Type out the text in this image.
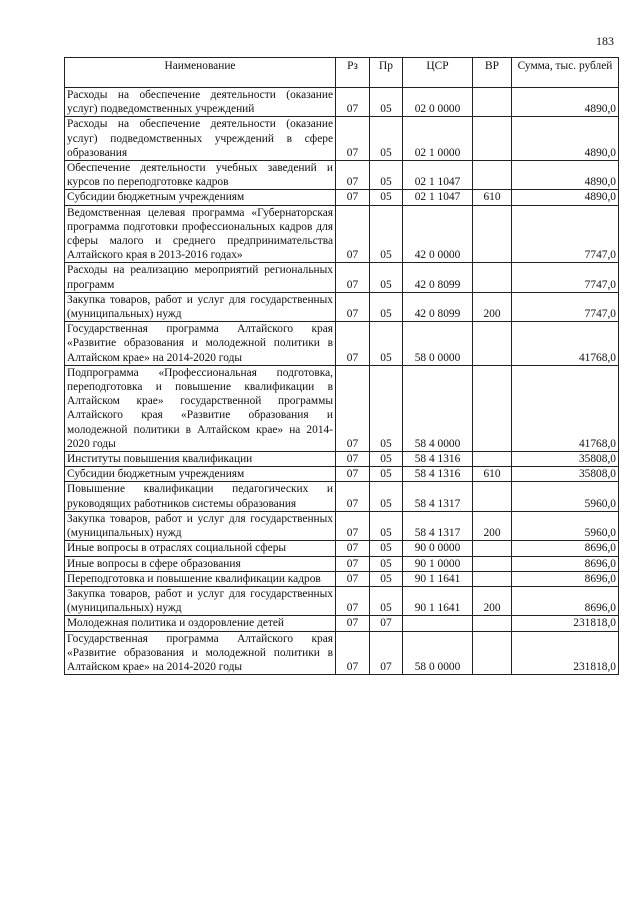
183
Наименование	Рз	Пр	ЦСР	ВР	Сумма, тыс. рублей
Расходы на обеспечение деятельности (оказание услуг) подведомственных учреждений	07	05	02 0 0000		4890,0
Расходы на обеспечение деятельности (оказание услуг) подведомственных учреждений в сфере образования	07	05	02 1 0000		4890,0
Обеспечение деятельности учебных заведений и курсов по переподготовке кадров	07	05	02 1 1047		4890,0
Субсидии бюджетным учреждениям	07	05	02 1 1047	610	4890,0
Ведомственная целевая программа «Губернаторская программа подготовки профессиональных кадров для сферы малого и среднего предпринимательства Алтайского края в 2013-2016 годах»	07	05	42 0 0000		7747,0
Расходы на реализацию мероприятий региональных программ	07	05	42 0 8099		7747,0
Закупка товаров, работ и услуг для государственных (муниципальных) нужд	07	05	42 0 8099	200	7747,0
Государственная программа Алтайского края «Развитие образования и молодежной политики в Алтайском крае» на 2014-2020 годы	07	05	58 0 0000		41768,0
Подпрограмма «Профессиональная подготовка, переподготовка и повышение квалификации в Алтайском крае» государственной программы Алтайского края «Развитие образования и молодежной политики в Алтайском крае» на 2014-2020 годы	07	05	58 4 0000		41768,0
Институты повышения квалификации	07	05	58 4 1316		35808,0
Субсидии бюджетным учреждениям	07	05	58 4 1316	610	35808,0
Повышение квалификации педагогических и руководящих работников системы образования	07	05	58 4 1317		5960,0
Закупка товаров, работ и услуг для государственных (муниципальных) нужд	07	05	58 4 1317	200	5960,0
Иные вопросы в отраслях социальной сферы	07	05	90 0 0000		8696,0
Иные вопросы в сфере образования	07	05	90 1 0000		8696,0
Переподготовка и повышение квалификации кадров	07	05	90 1 1641		8696,0
Закупка товаров, работ и услуг для государственных (муниципальных) нужд	07	05	90 1 1641	200	8696,0
Молодежная политика и оздоровление детей	07	07			231818,0
Государственная программа Алтайского края «Развитие образования и молодежной политики в Алтайском крае» на 2014-2020 годы	07	07	58 0 0000		231818,0
